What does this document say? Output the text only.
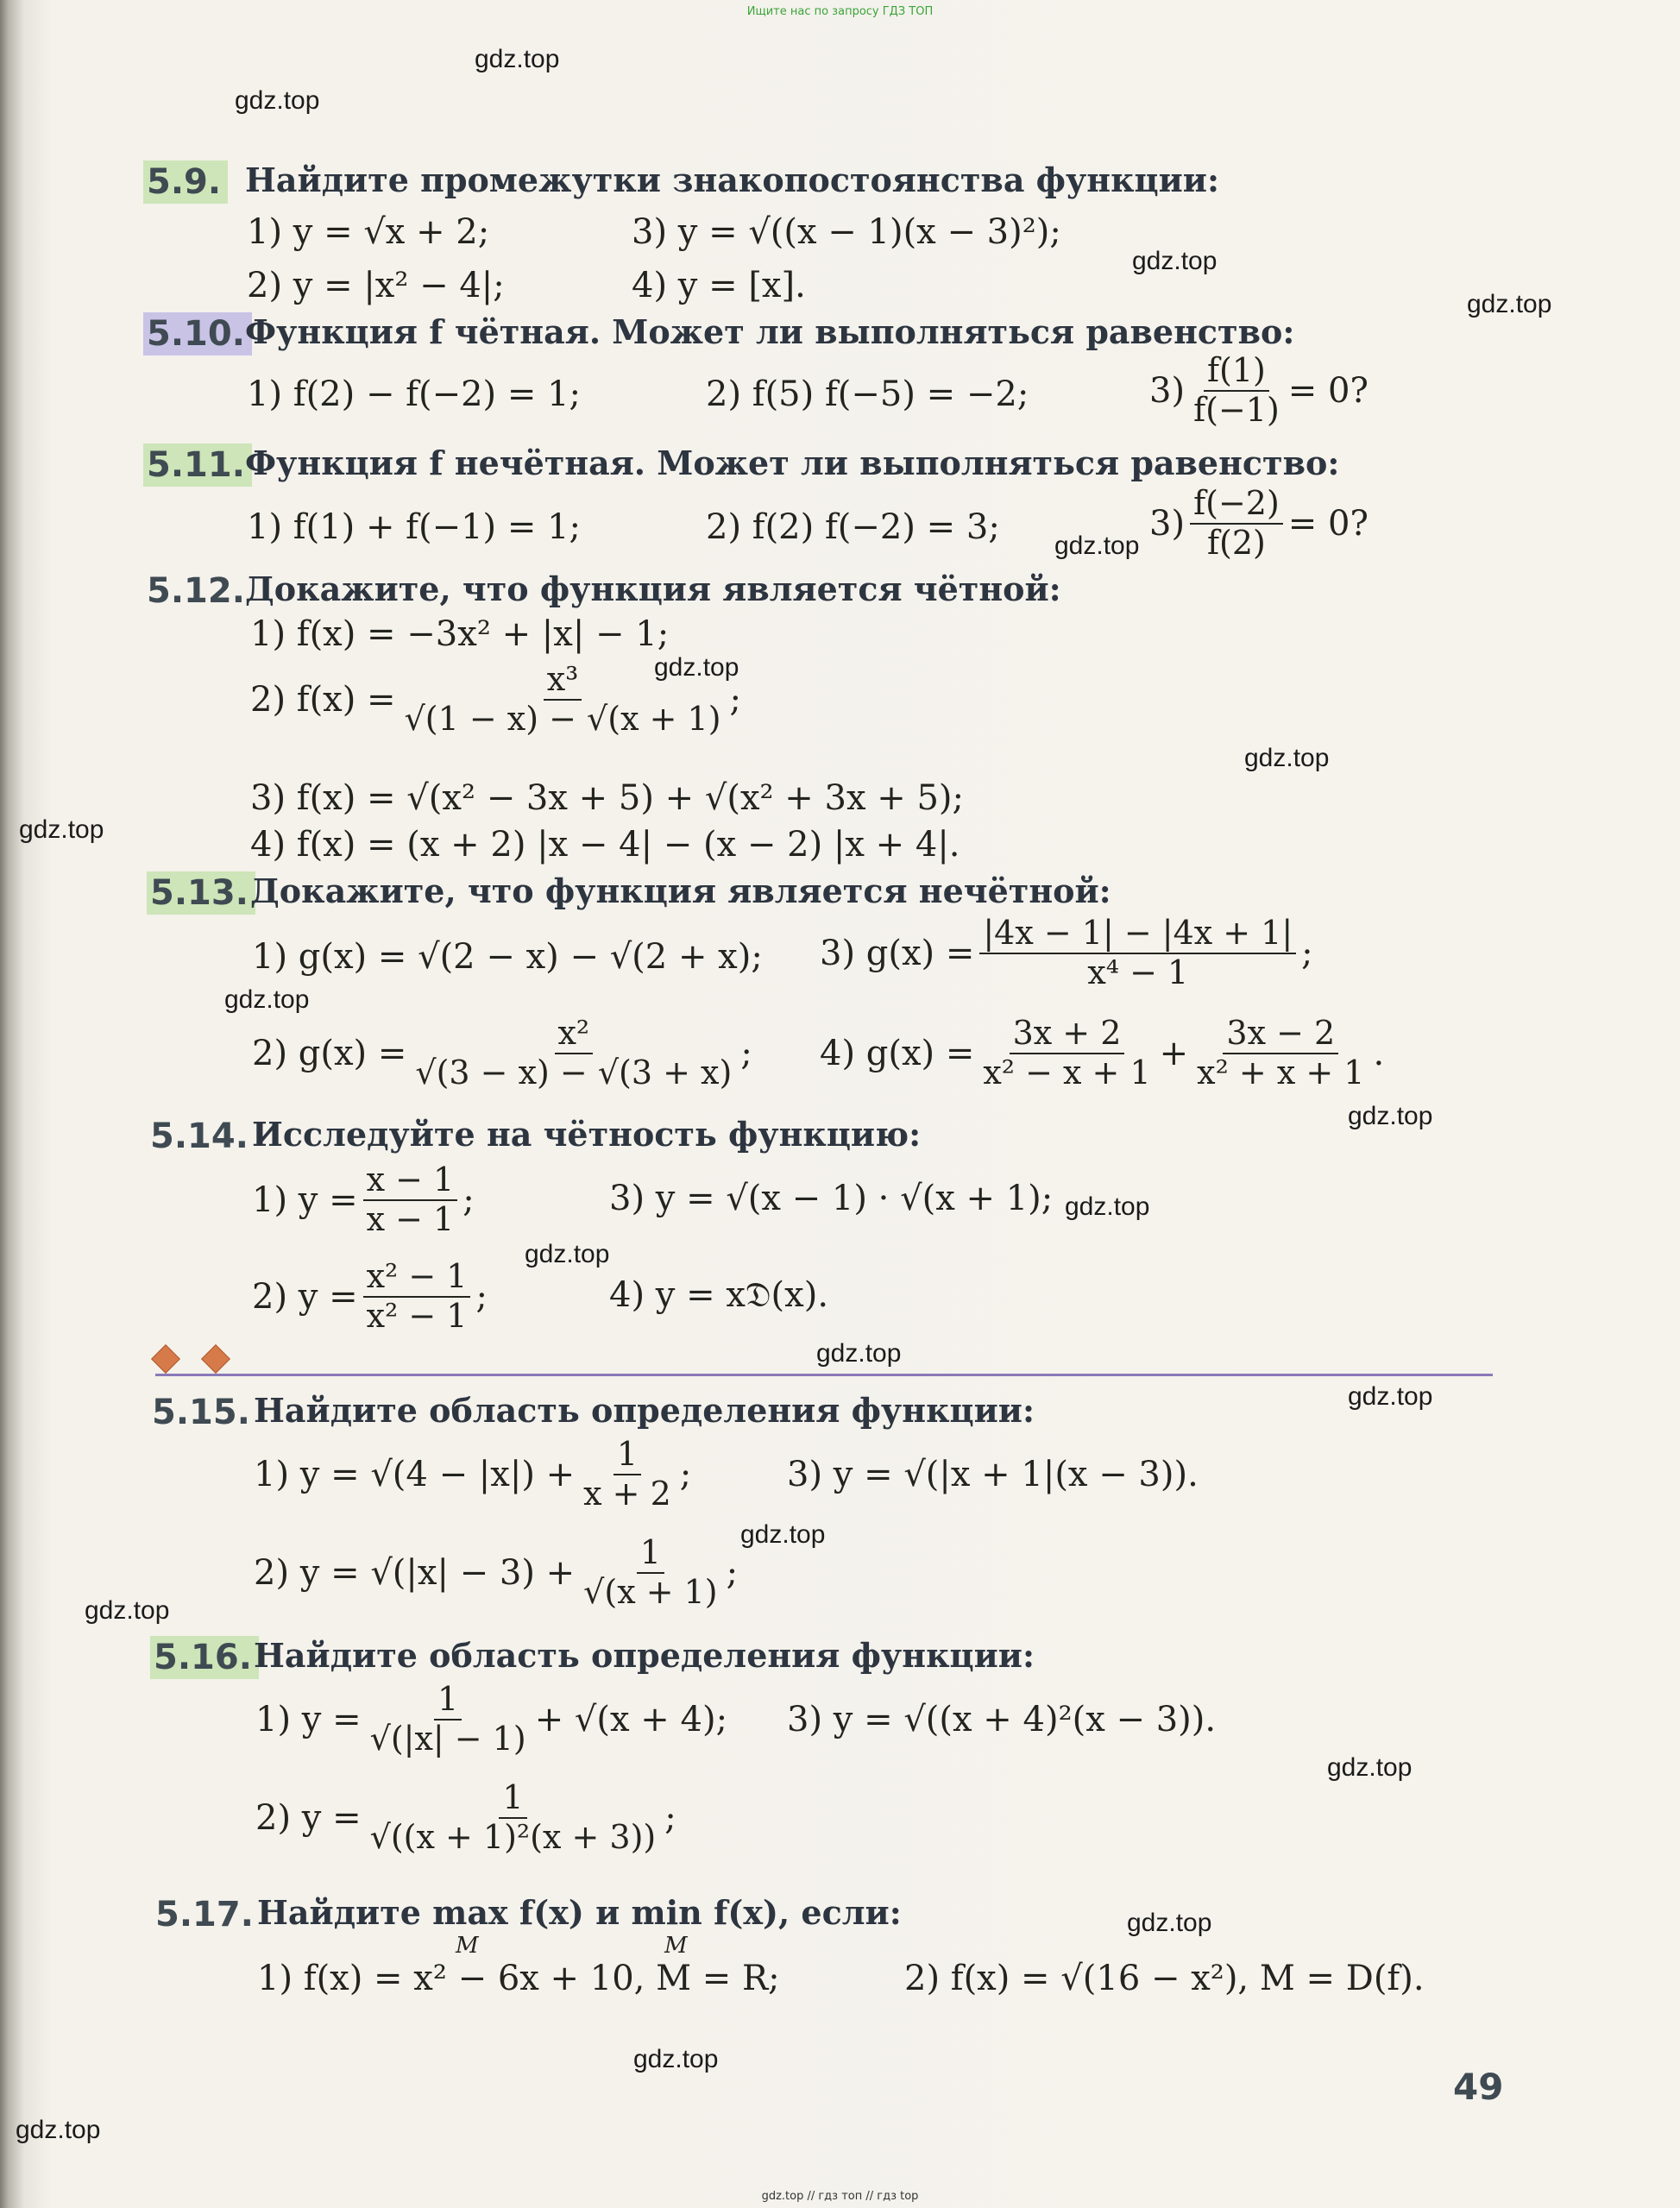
Ищите нас по запросу ГДЗ ТОП
gdz.top
gdz.top
gdz.top
gdz.top
gdz.top
gdz.top
gdz.top
gdz.top
gdz.top
gdz.top
gdz.top
gdz.top
gdz.top
gdz.top
gdz.top
gdz.top
gdz.top
gdz.top
gdz.top
gdz.top
5.9. Найдите промежутки знакопостоянства функции:
1) y = √x + 2;	3) y = √((x − 1)(x − 3)²);
2) y = |x² − 4|;	4) y = [x].
5.10. Функция f чётная. Может ли выполняться равенство:
1) f(2) − f(−2) = 1;	2) f(5) f(−5) = −2;	$3) \frac{f(1)}{f(-1)} = 0$?
5.11. Функция f нечётная. Может ли выполняться равенство:
1) f(1) + f(−1) = 1;	2) f(2) f(−2) = 3;	$3) \frac{f(-2)}{f(2)} = 0$?
5.12. Докажите, что функция является чётной:
1) f(x) = −3x² + |x| − 1;
2) $f(x) = \frac{\text{x³}}{√(1 - x) - √(x + 1)}$ ;
3) f(x) = √(x² − 3x + 5) + √(x² + 3x + 5);
4) f(x) = (x + 2) |x − 4| − (x − 2) |x + 4|.
5.13. Докажите, что функция является нечётной:
1) g(x) = √(2 − x) − √(2 + x); 3) $g(x) = \frac{|4x - 1| - |4x + 1|}{\text{x⁴ − 1}}$ ;
2) $g(x) = \frac{\text{x²}}{√(3 - x) - √(3 + x)}$ ; 4) $g(x) = \frac{3x + 2}{\text{x² − x + 1}} + \frac{3x - 2}{\text{x² + x + 1}}$ .
5.14. Исследуйте на чётность функцию:
1) $y = \frac{x - 1}{x - 1}$ ;	3) y = √(x − 1) · √(x + 1);
2) $y = \frac{\text{x² − 1}}{\text{x² − 1}}$ ;	4) y = x𝔇(x).
5.15. Найдите область определения функции:
1) $y = √(4 - |x|) + \frac{1}{x + 2}$ ;	3) y = √(|x + 1|(x − 3)).
2) $y = √(|x| - 3) + \frac{1}{√(x + 1)}$ ;
5.16. Найдите область определения функции:
1) $y = \frac{1}{√(|x| - 1)} + √(x + 4)$; 3) y = √((x + 4)²(x − 3)).
2) $y = \frac{1}{\text{√((x + 1)²(x + 3))}}$ ;
5.17. Найдите max f(x) и min f(x), если:
M	M
1) f(x) = x² − 6x + 10, M = R;	2) f(x) = √(16 − x²), M = D(f).
49
gdz.top // гдз топ // гдз top
